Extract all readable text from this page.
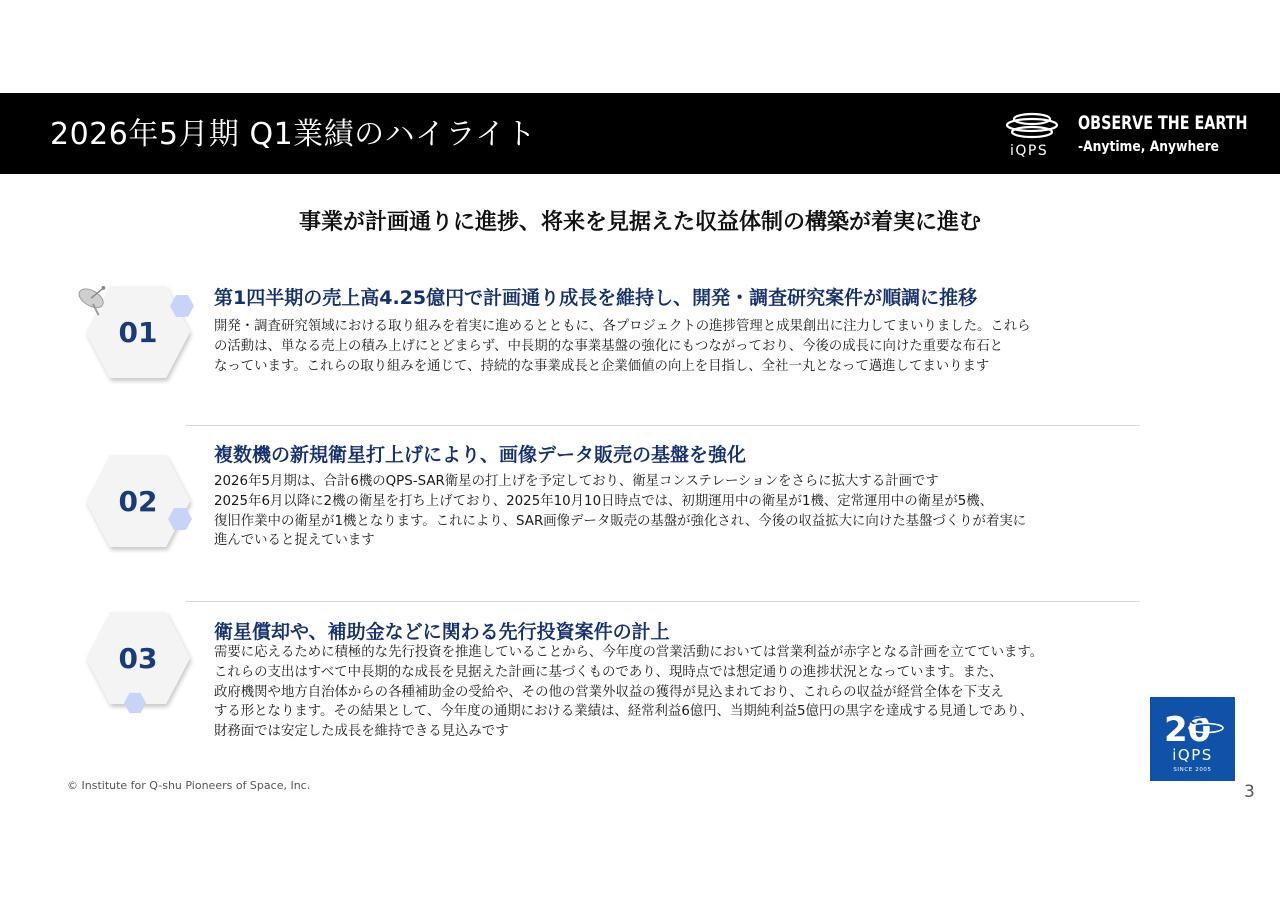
2026年5月期 Q1業績のハイライト	iQPS
OBSERVE THE EARTH
-Anytime, Anywhere
事業が計画通りに進捗、将来を見据えた収益体制の構築が着実に進む
01
第1四半期の売上高4.25億円で計画通り成長を維持し、開発・調査研究案件が順調に推移
開発・調査研究領域における取り組みを着実に進めるとともに、各プロジェクトの進捗管理と成果創出に注力してまいりました。これら
の活動は、単なる売上の積み上げにとどまらず、中長期的な事業基盤の強化にもつながっており、今後の成長に向けた重要な布石と
なっています。これらの取り組みを通じて、持続的な事業成長と企業価値の向上を目指し、全社一丸となって邁進してまいります
02
複数機の新規衛星打上げにより、画像データ販売の基盤を強化
2026年5月期は、合計6機のQPS-SAR衛星の打上げを予定しており、衛星コンステレーションをさらに拡大する計画です
2025年6月以降に2機の衛星を打ち上げており、2025年10月10日時点では、初期運用中の衛星が1機、定常運用中の衛星が5機、
復旧作業中の衛星が1機となります。これにより、SAR画像データ販売の基盤が強化され、今後の収益拡大に向けた基盤づくりが着実に
進んでいると捉えています
03
衛星償却や、補助金などに関わる先行投資案件の計上
需要に応えるために積極的な先行投資を推進していることから、今年度の営業活動においては営業利益が赤字となる計画を立てています。
これらの支出はすべて中長期的な成長を見据えた計画に基づくものであり、現時点では想定通りの進捗状況となっています。また、
政府機関や地方自治体からの各種補助金の受給や、その他の営業外収益の獲得が見込まれており、これらの収益が経営全体を下支え
する形となります。その結果として、今年度の通期における業績は、経常利益6億円、当期純利益5億円の黒字を達成する見通しであり、
財務面では安定した成長を維持できる見込みです
© Institute for Q-shu Pioneers of Space, Inc.	3
20
iQPS
SINCE 2005
